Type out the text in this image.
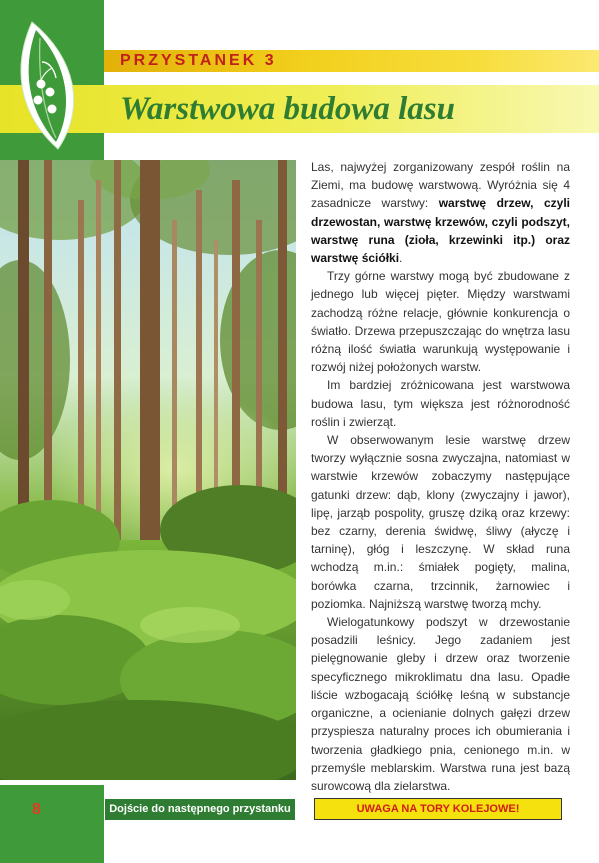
PRZYSTANEK 3
Warstwowa budowa lasu

Las, najwyżej zorganizowany zespół roślin na Ziemi, ma budowę warstwową. Wyróżnia się 4 zasadnicze warstwy: warstwę drzew, czyli drzewostan, warstwę krzewów, czyli podszyt, warstwę runa (zioła, krzewinki itp.) oraz warstwę ściółki.

Trzy górne warstwy mogą być zbudowane z jednego lub więcej pięter. Między warstwami zachodzą różne relacje, głównie konkurencja o światło. Drzewa przepuszczając do wnętrza lasu różną ilość światła warunkują występowanie i rozwój niżej położonych warstw.

Im bardziej zróżnicowana jest warstwowa budowa lasu, tym większa jest różnorodność roślin i zwierząt.

W obserwowanym lesie warstwę drzew tworzy wyłącznie sosna zwyczajna, natomiast w warstwie krzewów zobaczymy następujące gatunki drzew: dąb, klony (zwyczajny i jawor), lipę, jarząb pospolity, gruszę dziką oraz krzewy: bez czarny, derenia świdwę, śliwy (ałyczę i tarninę), głóg i leszczynę. W skład runa wchodzą m.in.: śmiałek pogięty, malina, borówka czarna, trzcinnik, żarnowiec i poziomka. Najniższą warstwę tworzą mchy.

Wielogatunkowy podszyt w drzewostanie posadzili leśnicy. Jego zadaniem jest pielęgnowanie gleby i drzew oraz tworzenie specyficznego mikroklimatu dna lasu. Opadłe liście wzbogacają ściółkę leśną w substancje organiczne, a ocienianie dolnych gałęzi drzew przyspiesza naturalny proces ich obumierania i tworzenia gładkiego pnia, cenionego m.in. w przemyśle meblarskim. Warstwa runa jest bazą surowcową dla zielarstwa.

8	Dojście do następnego przystanku 12 min
UWAGA NA TORY KOLEJOWE!
